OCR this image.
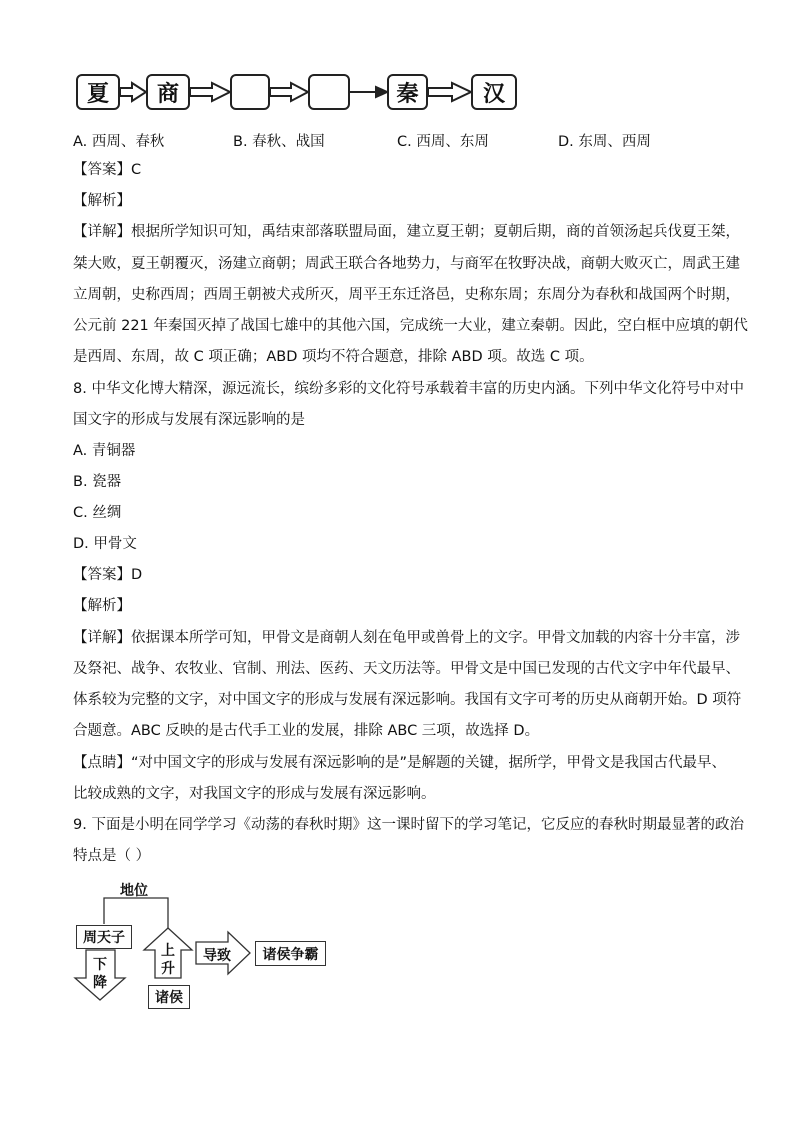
夏	商	秦	汉
A. 西周、春秋	B. 春秋、战国	C. 西周、东周	D. 东周、西周
【答案】C
【解析】
【详解】根据所学知识可知，禹结束部落联盟局面，建立夏王朝；夏朝后期，商的首领汤起兵伐夏王桀，
桀大败，夏王朝覆灭，汤建立商朝；周武王联合各地势力，与商军在牧野决战，商朝大败灭亡，周武王建
立周朝，史称西周；西周王朝被犬戎所灭，周平王东迁洛邑，史称东周；东周分为春秋和战国两个时期，
公元前 221 年秦国灭掉了战国七雄中的其他六国，完成统一大业，建立秦朝。因此，空白框中应填的朝代
是西周、东周，故 C 项正确；ABD 项均不符合题意，排除 ABD 项。故选 C 项。
8. 中华文化博大精深，源远流长，缤纷多彩的文化符号承载着丰富的历史内涵。下列中华文化符号中对中
国文字的形成与发展有深远影响的是
A. 青铜器
B. 瓷器
C. 丝绸
D. 甲骨文
【答案】D
【解析】
【详解】依据课本所学可知，甲骨文是商朝人刻在龟甲或兽骨上的文字。甲骨文加载的内容十分丰富，涉
及祭祀、战争、农牧业、官制、刑法、医药、天文历法等。甲骨文是中国已发现的古代文字中年代最早、
体系较为完整的文字，对中国文字的形成与发展有深远影响。我国有文字可考的历史从商朝开始。D 项符
合题意。ABC 反映的是古代手工业的发展，排除 ABC 三项，故选择 D。
【点睛】“对中国文字的形成与发展有深远影响的是”是解题的关键，据所学，甲骨文是我国古代最早、
比较成熟的文字，对我国文字的形成与发展有深远影响。
9. 下面是小明在同学学习《动荡的春秋时期》这一课时留下的学习笔记，它反应的春秋时期最显著的政治
特点是（ ）
地位
周天子
下
降
上
升
诸侯
导致	诸侯争霸
